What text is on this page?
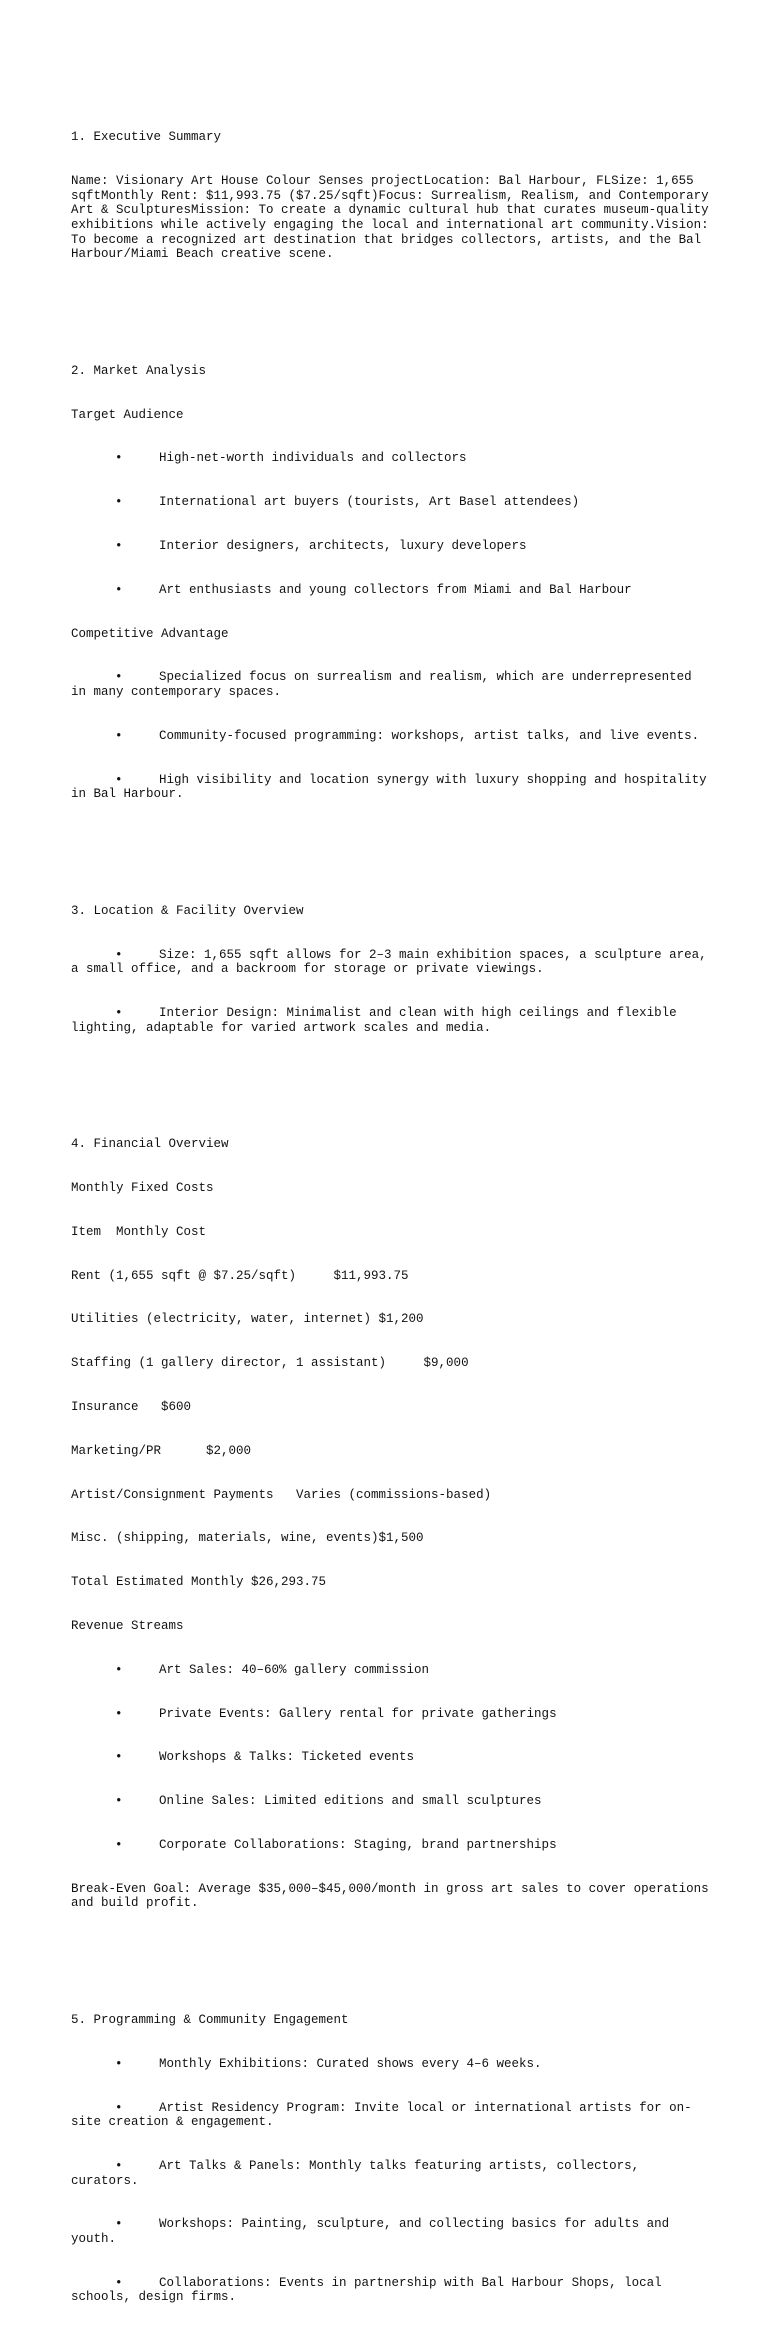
1. Executive Summary

Name: Visionary Art House Colour Senses projectLocation: Bal Harbour, FLSize: 1,655 sqftMonthly Rent: $11,993.75 ($7.25/sqft)Focus: Surrealism, Realism, and Contemporary Art & SculpturesMission: To create a dynamic cultural hub that curates museum-quality exhibitions while actively engaging the local and international art community.Vision: To become a recognized art destination that bridges collectors, artists, and the Bal Harbour/Miami Beach creative scene.

2. Market Analysis

Target Audience

•	High-net-worth individuals and collectors

•	International art buyers (tourists, Art Basel attendees)

•	Interior designers, architects, luxury developers

•	Art enthusiasts and young collectors from Miami and Bal Harbour

Competitive Advantage

•	Specialized focus on surrealism and realism, which are underrepresented in many contemporary spaces.

•	Community-focused programming: workshops, artist talks, and live events.

•	High visibility and location synergy with luxury shopping and hospitality in Bal Harbour.

3. Location & Facility Overview

•	Size: 1,655 sqft allows for 2–3 main exhibition spaces, a sculpture area, a small office, and a backroom for storage or private viewings.

•	Interior Design: Minimalist and clean with high ceilings and flexible lighting, adaptable for varied artwork scales and media.

4. Financial Overview

Monthly Fixed Costs

Item  Monthly Cost

Rent (1,655 sqft @ $7.25/sqft)     $11,993.75

Utilities (electricity, water, internet) $1,200

Staffing (1 gallery director, 1 assistant)     $9,000

Insurance   $600

Marketing/PR      $2,000

Artist/Consignment Payments   Varies (commissions-based)

Misc. (shipping, materials, wine, events)$1,500

Total Estimated Monthly $26,293.75

Revenue Streams

•	Art Sales: 40–60% gallery commission

•	Private Events: Gallery rental for private gatherings

•	Workshops & Talks: Ticketed events

•	Online Sales: Limited editions and small sculptures

•	Corporate Collaborations: Staging, brand partnerships

Break-Even Goal: Average $35,000–$45,000/month in gross art sales to cover operations and build profit.

5. Programming & Community Engagement

•	Monthly Exhibitions: Curated shows every 4–6 weeks.

•	Artist Residency Program: Invite local or international artists for on-site creation & engagement.

•	Art Talks & Panels: Monthly talks featuring artists, collectors, curators.

•	Workshops: Painting, sculpture, and collecting basics for adults and youth.

•	Collaborations: Events in partnership with Bal Harbour Shops, local schools, design firms.
